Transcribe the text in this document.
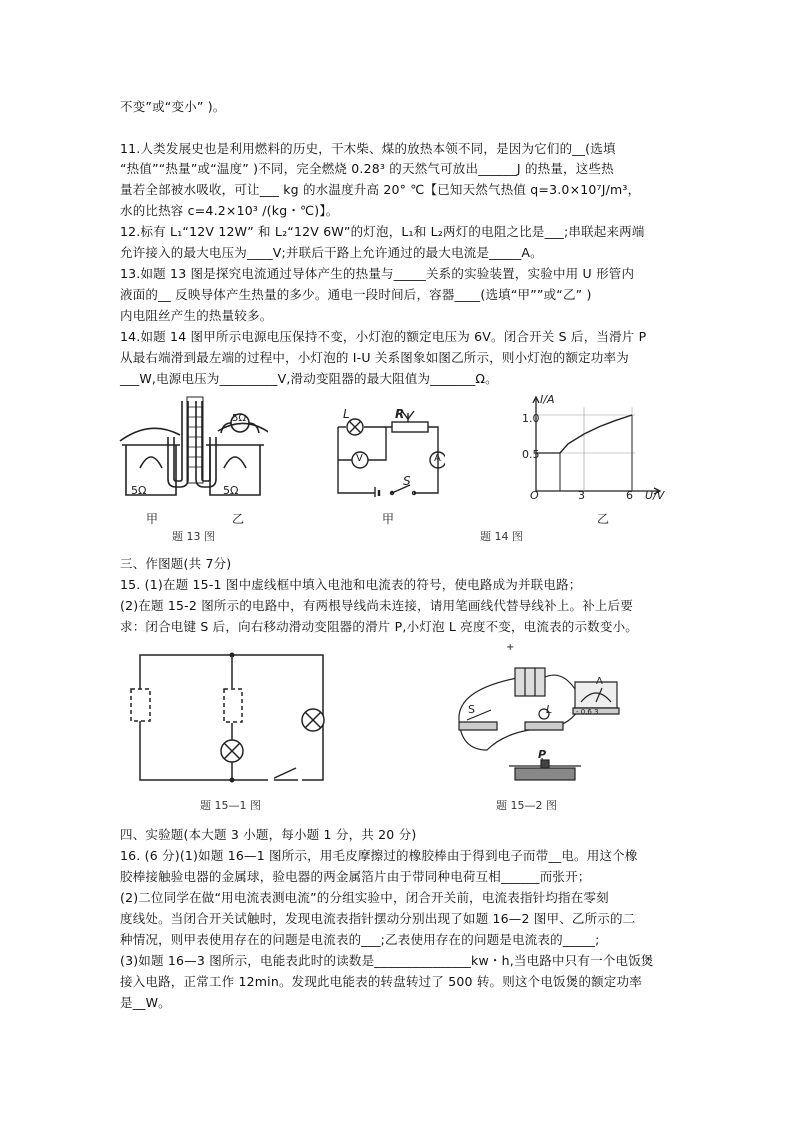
不变”或“变小” )。
11.人类发展史也是利用燃料的历史，干木柴、煤的放热本领不同，是因为它们的__(选填
“热值”“热量”或“温度” )不同，完全燃烧 0.28³ 的天然气可放出______J 的热量，这些热
量若全部被水吸收，可让___ kg 的水温度升高 20° ℃【已知天然气热值 q=3.0×10⁷J/m³，
水的比热容 c=4.2×10³ /(kg・℃)】。
12.标有 L₁“12V 12W” 和 L₂“12V 6W”的灯泡，L₁和 L₂两灯的电阻之比是___;串联起来两端
允许接入的最大电压为____V;并联后干路上允许通过的最大电流是_____A。
13.如题 13 图是探究电流通过导体产生的热量与_____关系的实验装置，实验中用 U 形管内
液面的__ 反映导体产生热量的多少。通电一段时间后，容器____(选填“甲””或“乙” )
内电阻丝产生的热量较多。
14.如题 14 图甲所示电源电压保持不变，小灯泡的额定电压为 6V。闭合开关 S 后，当滑片 P
从最右端滑到最左端的过程中，小灯泡的 I-U 关系图象如图乙所示，则小灯泡的额定功率为
___W,电源电压为_________V,滑动变阻器的最大阻值为_______Ω。
5Ω	5Ω
5Ω
甲	乙
题 13 图
L	R
V	A
S
甲
I/A
1.0
0.5
O	3	6 U/V
乙
题 14 图
三、作图题(共 7分)
15. (1)在题 15-1 图中虚线框中填入电池和电流表的符号，使电路成为并联电路；
(2)在题 15-2 图所示的电路中，有两根导线尚未连接，请用笔画线代替导线补上。补上后要
求：闭合电键 S 后，向右移动滑动变阻器的滑片 P,小灯泡 L 亮度不变，电流表的示数变小。
题 15—1 图
+
A
- 0.6 3
S	L
P
题 15—2 图
四、实验题(本大题 3 小题，每小题 1 分，共 20 分)
16. (6 分)(1)如题 16—1 图所示，用毛皮摩擦过的橡胶棒由于得到电子而带__电。用这个橡
胶棒接触验电器的金属球，验电器的两金属箔片由于带同种电荷互相______而张开；
(2)二位同学在做“用电流表测电流”的分组实验中，闭合开关前，电流表指针均指在零刻
度线处。当闭合开关试触时，发现电流表指针摆动分别出现了如题 16—2 图甲、乙所示的二
种情况，则甲表使用存在的问题是电流表的___;乙表使用存在的问题是电流表的_____;
(3)如题 16—3 图所示，电能表此时的读数是_______________kw・h,当电路中只有一个电饭煲
接入电路，正常工作 12min。发现此电能表的转盘转过了 500 转。则这个电饭煲的额定功率
是__W。
